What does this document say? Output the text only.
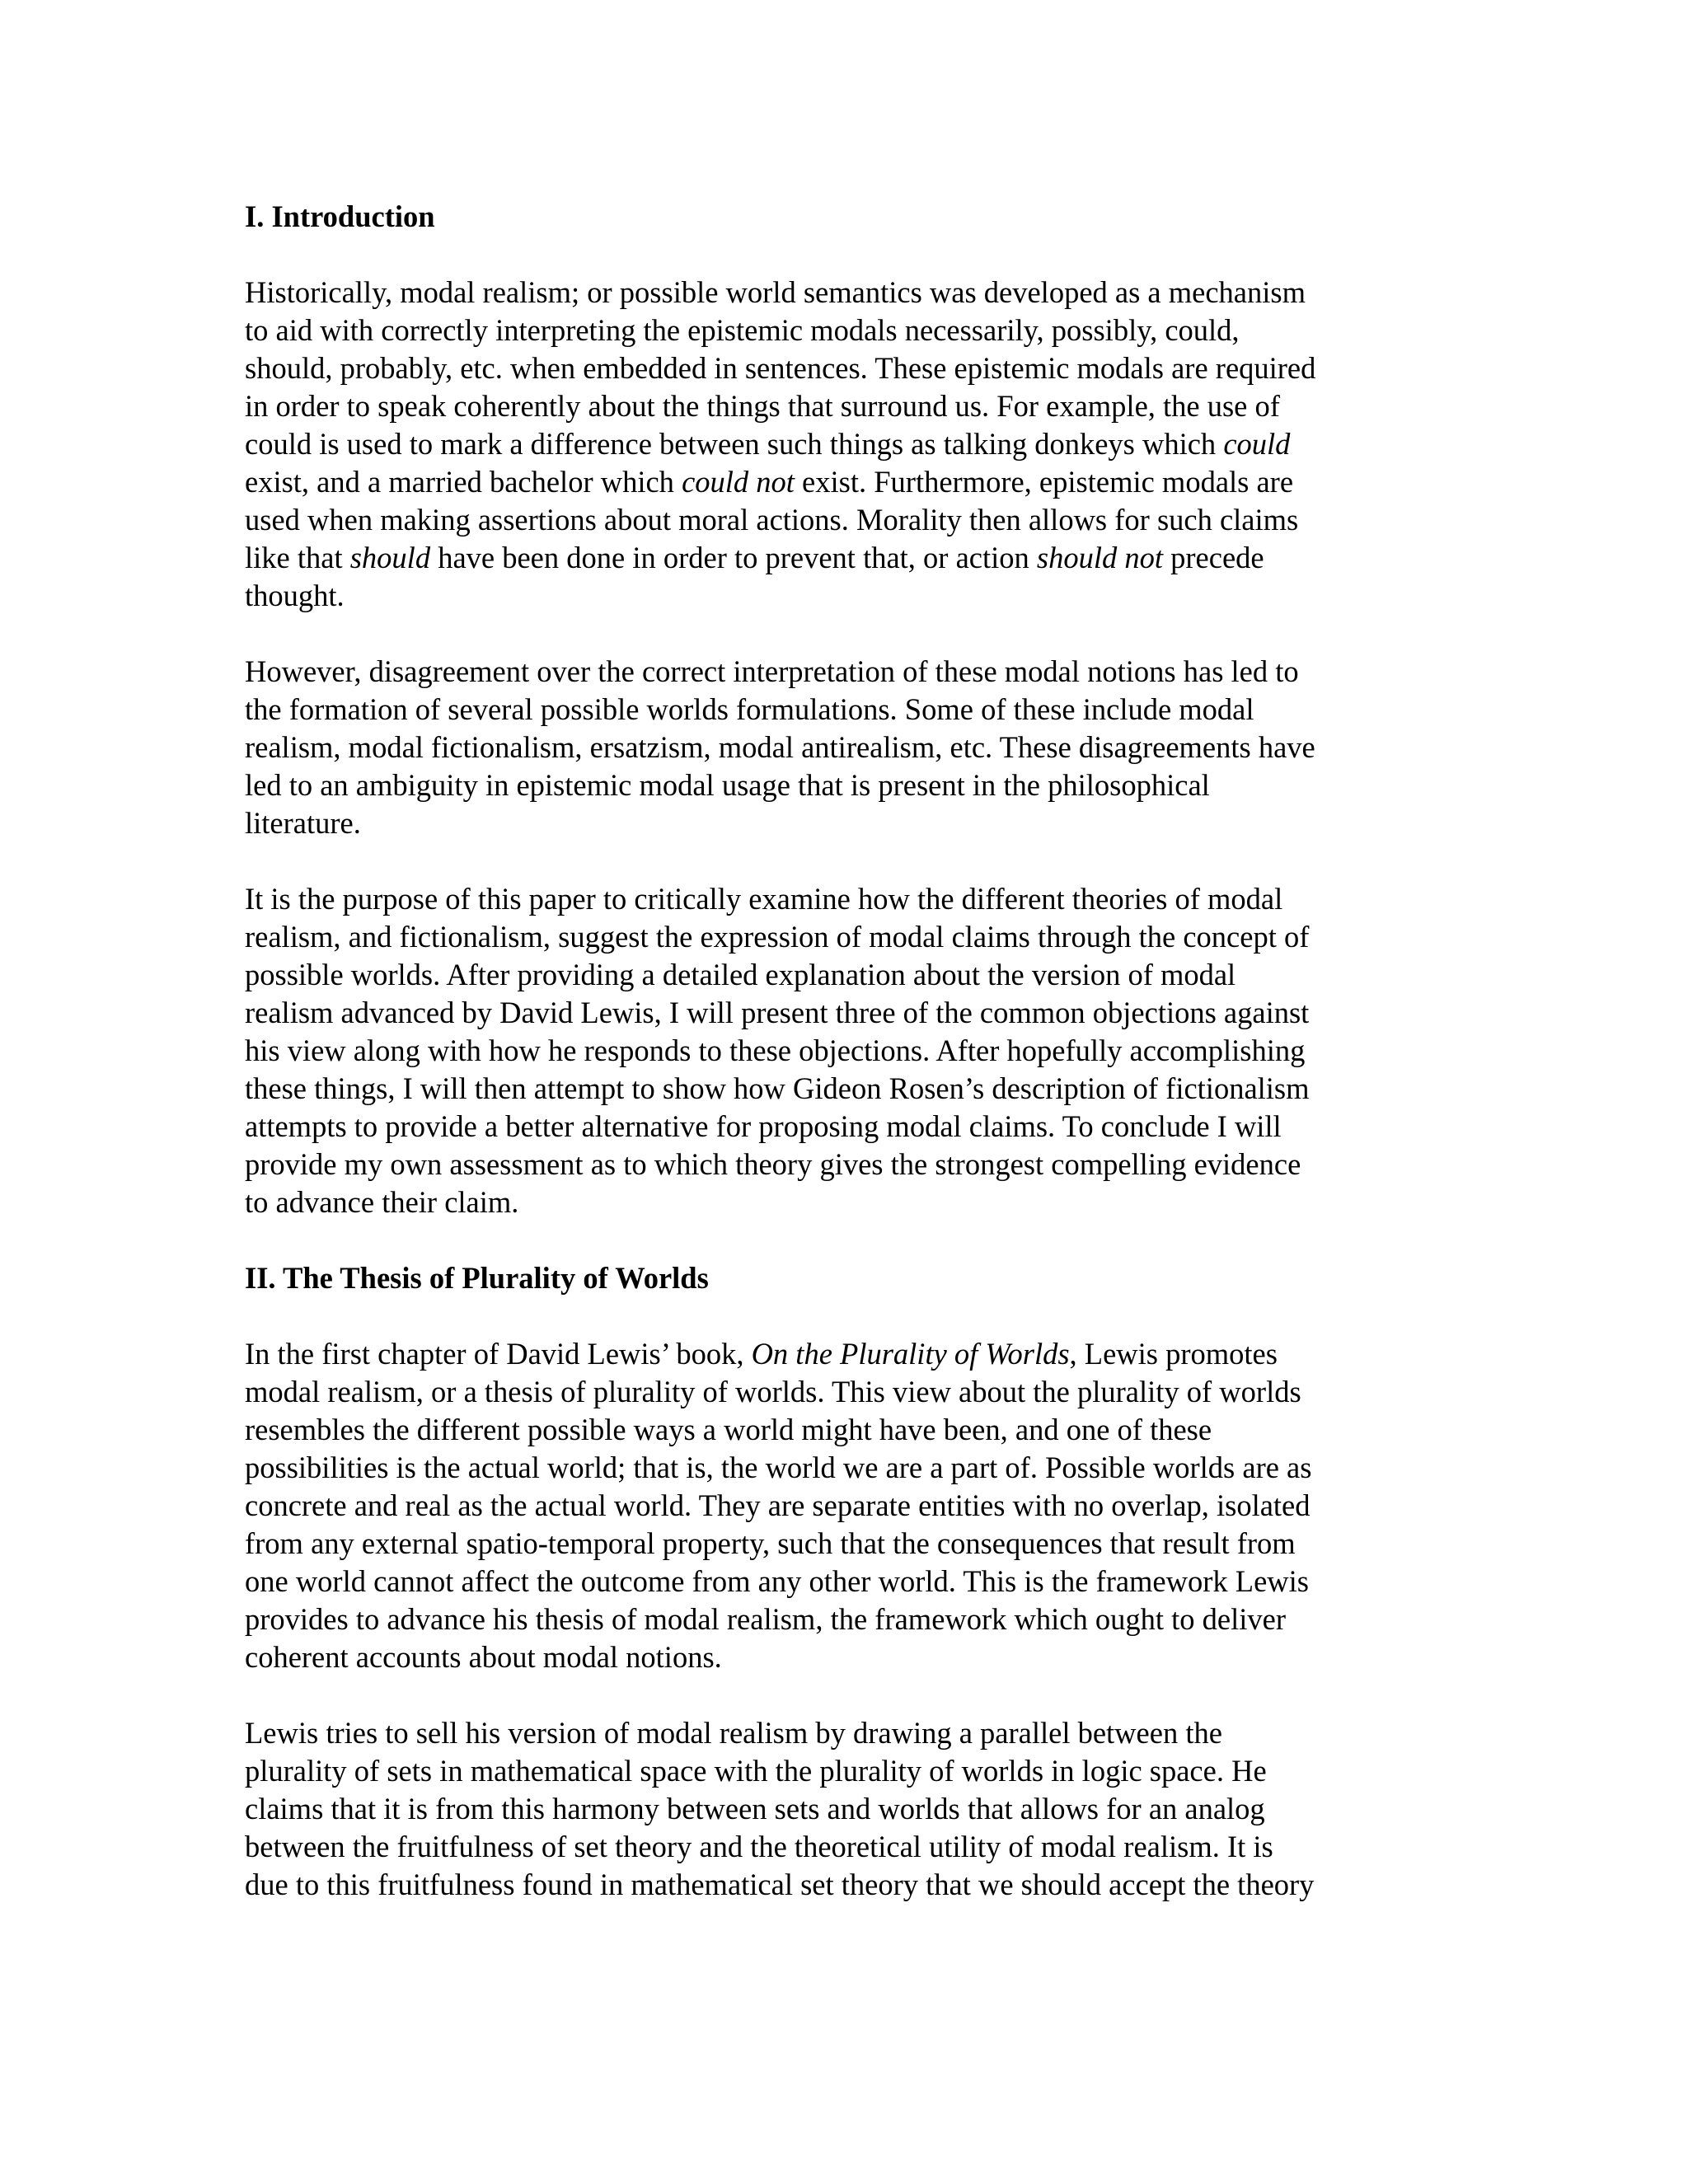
I. Introduction
Historically, modal realism; or possible world semantics was developed as a mechanism
to aid with correctly interpreting the epistemic modals necessarily, possibly, could,
should, probably, etc. when embedded in sentences. These epistemic modals are required
in order to speak coherently about the things that surround us. For example, the use of
could is used to mark a difference between such things as talking donkeys which could
exist, and a married bachelor which could not exist. Furthermore, epistemic modals are
used when making assertions about moral actions. Morality then allows for such claims
like that should have been done in order to prevent that, or action should not precede
thought.
However, disagreement over the correct interpretation of these modal notions has led to
the formation of several possible worlds formulations. Some of these include modal
realism, modal fictionalism, ersatzism, modal antirealism, etc. These disagreements have
led to an ambiguity in epistemic modal usage that is present in the philosophical
literature.
It is the purpose of this paper to critically examine how the different theories of modal
realism, and fictionalism, suggest the expression of modal claims through the concept of
possible worlds. After providing a detailed explanation about the version of modal
realism advanced by David Lewis, I will present three of the common objections against
his view along with how he responds to these objections. After hopefully accomplishing
these things, I will then attempt to show how Gideon Rosen’s description of fictionalism
attempts to provide a better alternative for proposing modal claims. To conclude I will
provide my own assessment as to which theory gives the strongest compelling evidence
to advance their claim.
II. The Thesis of Plurality of Worlds
In the first chapter of David Lewis’ book, On the Plurality of Worlds, Lewis promotes
modal realism, or a thesis of plurality of worlds. This view about the plurality of worlds
resembles the different possible ways a world might have been, and one of these
possibilities is the actual world; that is, the world we are a part of. Possible worlds are as
concrete and real as the actual world. They are separate entities with no overlap, isolated
from any external spatio-temporal property, such that the consequences that result from
one world cannot affect the outcome from any other world. This is the framework Lewis
provides to advance his thesis of modal realism, the framework which ought to deliver
coherent accounts about modal notions.
Lewis tries to sell his version of modal realism by drawing a parallel between the
plurality of sets in mathematical space with the plurality of worlds in logic space. He
claims that it is from this harmony between sets and worlds that allows for an analog
between the fruitfulness of set theory and the theoretical utility of modal realism. It is
due to this fruitfulness found in mathematical set theory that we should accept the theory
